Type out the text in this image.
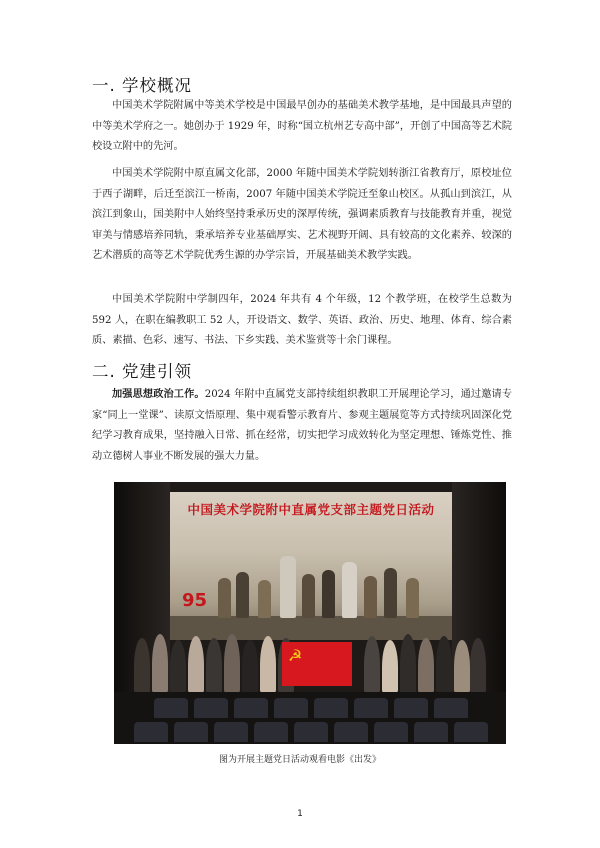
一. 学校概况

中国美术学院附属中等美术学校是中国最早创办的基础美术教学基地，是中国最具声望的中等美术学府之一。她创办于 1929 年，时称“国立杭州艺专高中部”，开创了中国高等艺术院校设立附中的先河。

中国美术学院附中原直属文化部，2000 年随中国美术学院划转浙江省教育厅，原校址位于西子湖畔，后迁至滨江一桥南，2007 年随中国美术学院迁至象山校区。从孤山到滨江，从滨江到象山，国美附中人始终坚持秉承历史的深厚传统，强调素质教育与技能教育并重，视觉审美与情感培养同轨，秉承培养专业基础厚实、艺术视野开阔、具有较高的文化素养、较深的艺术潜质的高等艺术学院优秀生源的办学宗旨，开展基础美术教学实践。

中国美术学院附中学制四年，2024 年共有 4 个年级，12 个教学班，在校学生总数为 592 人，在职在编教职工 52 人，开设语文、数学、英语、政治、历史、地理、体育、综合素质、素描、色彩、速写、书法、下乡实践、美术鉴赏等十余门课程。

二. 党建引领

加强思想政治工作。2024 年附中直属党支部持续组织教职工开展理论学习，通过邀请专家“同上一堂课”、读原文悟原理、集中观看警示教育片、参观主题展览等方式持续巩固深化党纪学习教育成果，坚持融入日常、抓在经常，切实把学习成效转化为坚定理想、锤炼党性、推动立德树人事业不断发展的强大力量。

中国美术学院附中直属党支部主题党日活动
95
☭
图为开展主题党日活动观看电影《出发》
1
